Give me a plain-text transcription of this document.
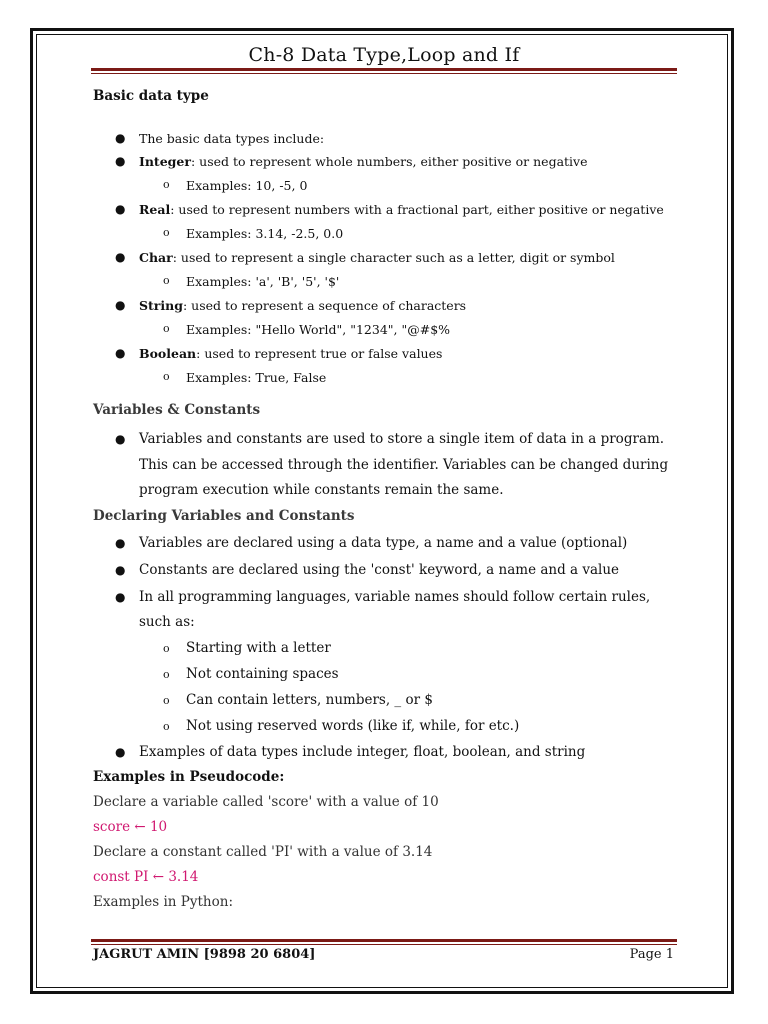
Ch-8 Data Type,Loop and If
Basic data type
● The basic data types include:
● Integer: used to represent whole numbers, either positive or negative
o Examples: 10, -5, 0
● Real: used to represent numbers with a fractional part, either positive or negative
o Examples: 3.14, -2.5, 0.0
● Char: used to represent a single character such as a letter, digit or symbol
o Examples: 'a', 'B', '5', '$'
● String: used to represent a sequence of characters
o Examples: "Hello World", "1234", "@#$%
● Boolean: used to represent true or false values
o Examples: True, False
Variables & Constants
● Variables and constants are used to store a single item of data in a program. This can be accessed through the identifier. Variables can be changed during program execution while constants remain the same.
Declaring Variables and Constants
● Variables are declared using a data type, a name and a value (optional)
● Constants are declared using the 'const' keyword, a name and a value
● In all programming languages, variable names should follow certain rules, such as:
o Starting with a letter
o Not containing spaces
o Can contain letters, numbers, _ or $
o Not using reserved words (like if, while, for etc.)
● Examples of data types include integer, float, boolean, and string
Examples in Pseudocode:
Declare a variable called 'score' with a value of 10
score ← 10
Declare a constant called 'PI' with a value of 3.14
const PI ← 3.14
Examples in Python:
JAGRUT AMIN [9898 20 6804]	Page 1
